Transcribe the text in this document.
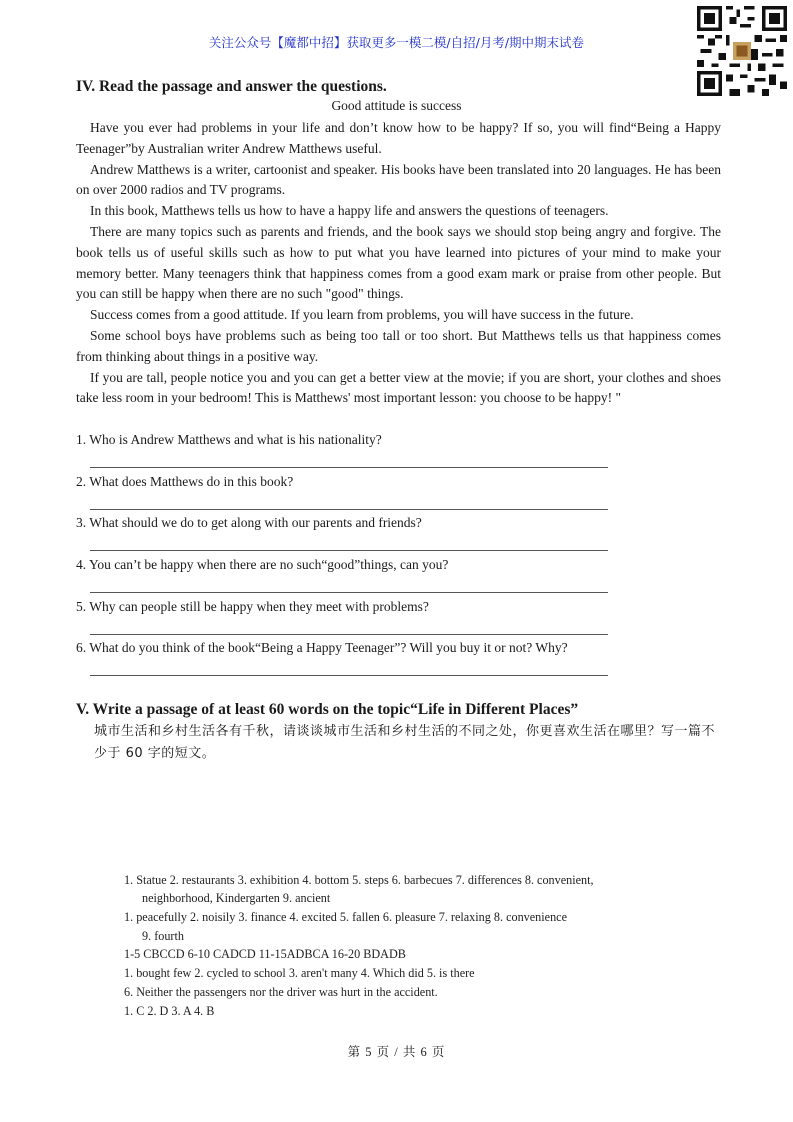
关注公众号【魔都中招】获取更多一模二模/自招/月考/期中期末试卷
IV. Read the passage and answer the questions.
Good attitude is success

Have you ever had problems in your life and don’t know how to be happy? If so, you will find“Being a Happy Teenager”by Australian writer Andrew Matthews useful.

Andrew Matthews is a writer, cartoonist and speaker. His books have been translated into 20 languages. He has been on over 2000 radios and TV programs.

In this book, Matthews tells us how to have a happy life and answers the questions of teenagers.

There are many topics such as parents and friends, and the book says we should stop being angry and forgive. The book tells us of useful skills such as how to put what you have learned into pictures of your mind to make your memory better. Many teenagers think that happiness comes from a good exam mark or praise from other people. But you can still be happy when there are no such "good" things.

Success comes from a good attitude. If you learn from problems, you will have success in the future.

Some school boys have problems such as being too tall or too short. But Matthews tells us that happiness comes from thinking about things in a positive way.

If you are tall, people notice you and you can get a better view at the movie; if you are short, your clothes and shoes take less room in your bedroom! This is Matthews' most important lesson: you choose to be happy! "

1. Who is Andrew Matthews and what is his nationality?
2. What does Matthews do in this book?
3. What should we do to get along with our parents and friends?
4. You can’t be happy when there are no such“good”things, can you?
5. Why can people still be happy when they meet with problems?
6. What do you think of the book“Being a Happy Teenager”? Will you buy it or not? Why?
V. Write a passage of at least 60 words on the topic“Life in Different Places”
城市生活和乡村生活各有千秋，请谈谈城市生活和乡村生活的不同之处，你更喜欢生活在哪里？写一篇不少于 60 字的短文。
1. Statue 2. restaurants 3. exhibition 4. bottom 5. steps 6. barbecues 7. differences 8. convenient,
neighborhood, Kindergarten 9. ancient
1. peacefully 2. noisily 3. finance 4. excited 5. fallen 6. pleasure 7. relaxing 8. convenience
9. fourth
1-5 CBCCD 6-10 CADCD 11-15ADBCA 16-20 BDADB
1. bought few 2. cycled to school 3. aren't many 4. Which did 5. is there
6. Neither the passengers nor the driver was hurt in the accident.
1. C 2. D 3. A 4. B
第 5 页 / 共 6 页
